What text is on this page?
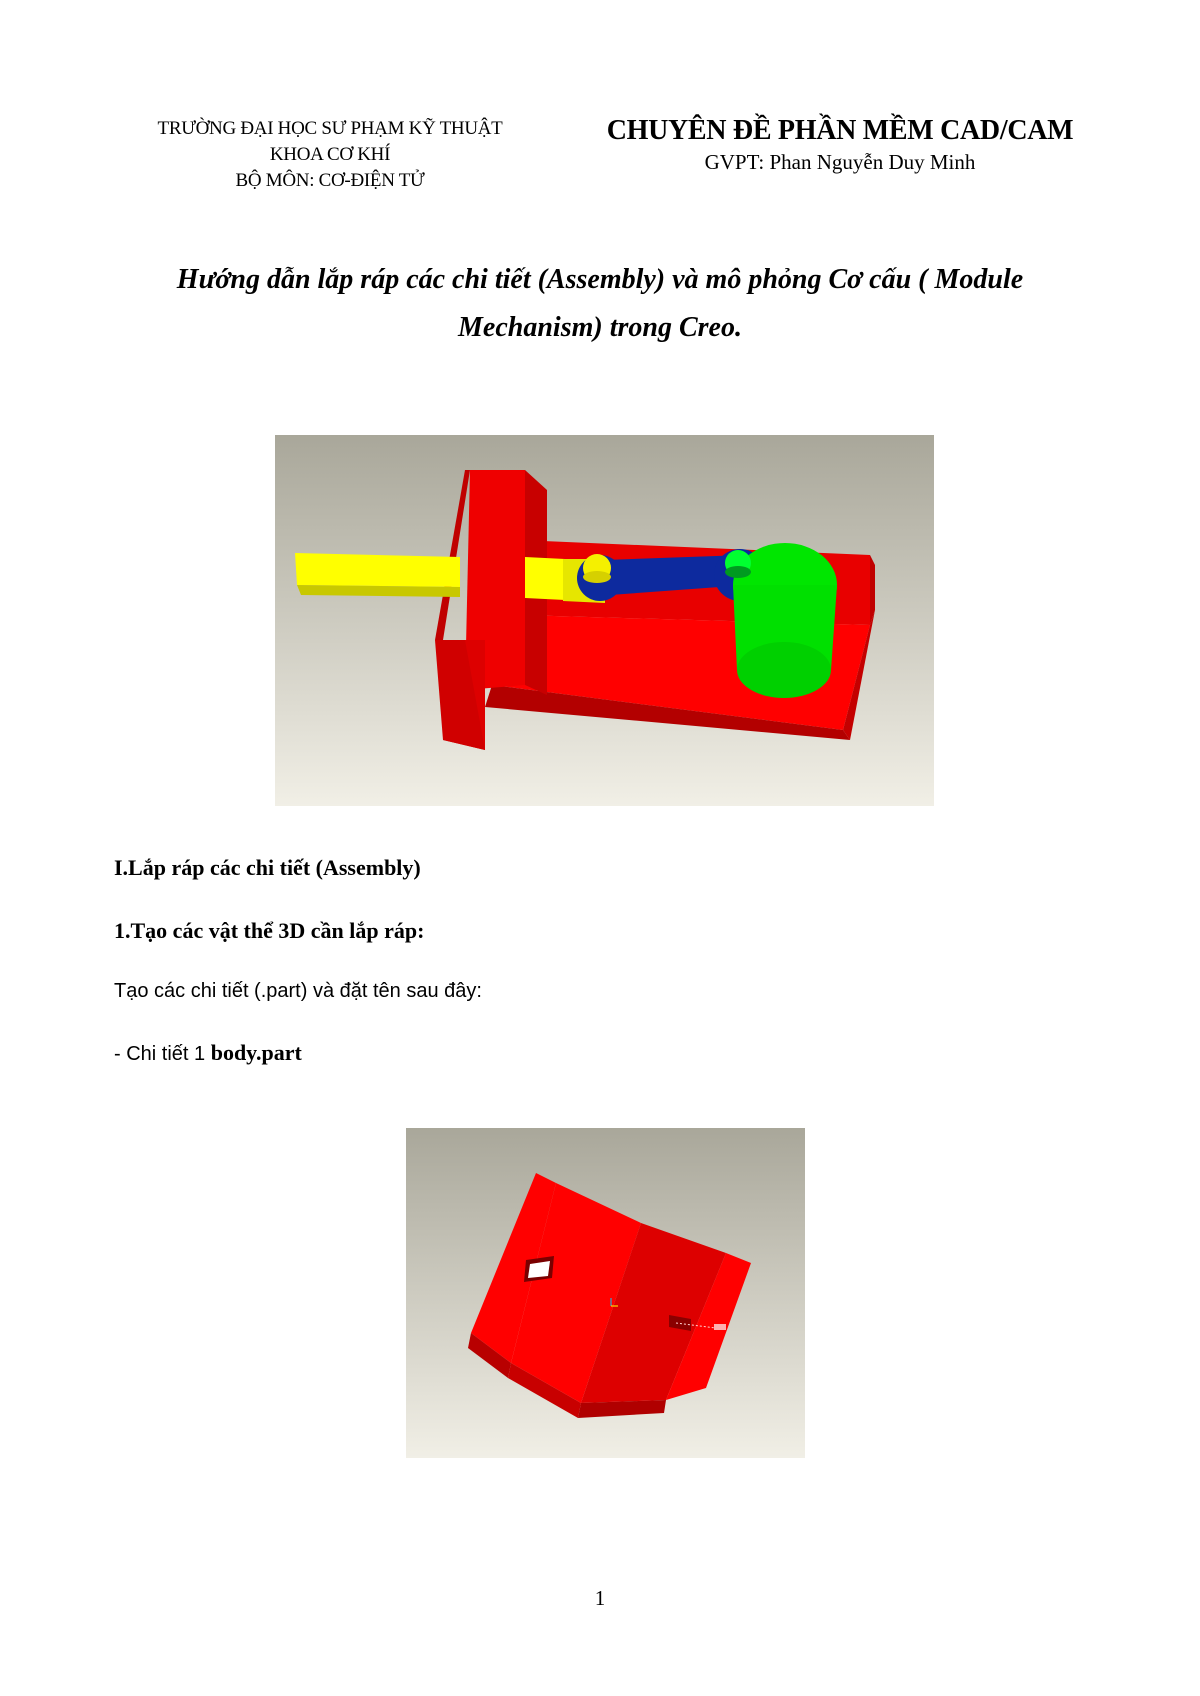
TRƯỜNG ĐẠI HỌC SƯ PHẠM KỸ THUẬT
KHOA CƠ KHÍ
BỘ MÔN: CƠ-ĐIỆN TỬ
CHUYÊN ĐỀ PHẦN MỀM CAD/CAM
GVPT: Phan Nguyễn Duy Minh
Hướng dẫn lắp ráp các chi tiết (Assembly) và mô phỏng Cơ cấu ( Module
Mechanism) trong Creo.
I.Lắp ráp các chi tiết (Assembly)
1.Tạo các vật thể 3D cần lắp ráp:
Tạo các chi tiết (.part) và đặt tên sau đây:
- Chi tiết 1 body.part
1
